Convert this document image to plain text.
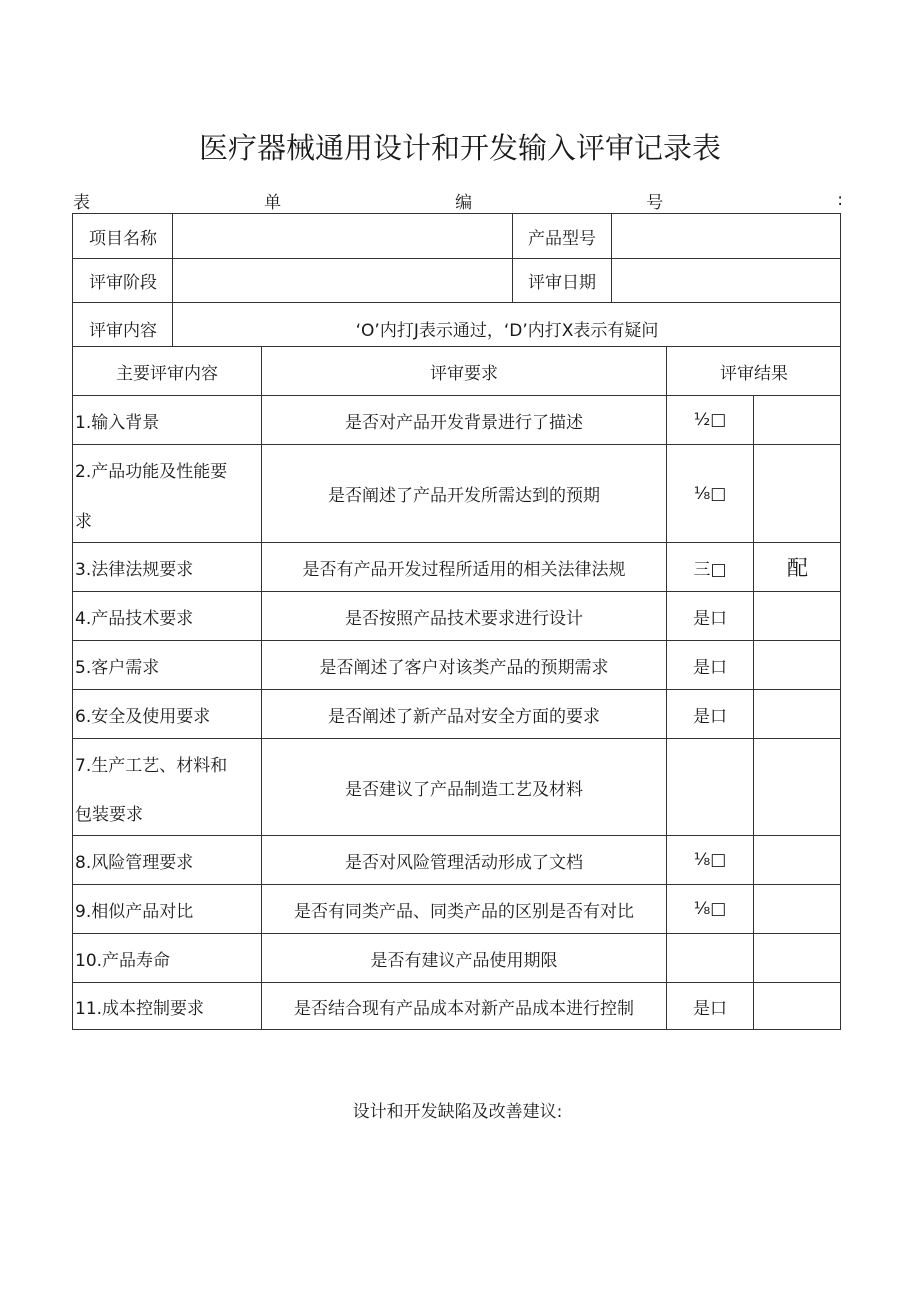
医疗器械通用设计和开发输入评审记录表
表	单	编	号	:
项目名称	产品型号
评审阶段	评审日期
评审内容	‘O’内打J表示通过，‘D’内打X表示有疑问
主要评审内容	评审要求	评审结果
1.输入背景	是否对产品开发背景进行了描述	½□
2.产品功能及性能要
求
是否阐述了产品开发所需达到的预期	⅛□
3.法律法规要求	是否有产品开发过程所适用的相关法律法规	三□	配
4.产品技术要求	是否按照产品技术要求进行设计	是口
5.客户需求	是否阐述了客户对该类产品的预期需求	是口
6.安全及使用要求	是否阐述了新产品对安全方面的要求	是口
7.生产工艺、材料和
包装要求
是否建议了产品制造工艺及材料
8.风险管理要求	是否对风险管理活动形成了文档	⅛□
9.相似产品对比	是否有同类产品、同类产品的区别是否有对比	⅛□
10.产品寿命	是否有建议产品使用期限
11.成本控制要求	是否结合现有产品成本对新产品成本进行控制	是口
设计和开发缺陷及改善建议:
